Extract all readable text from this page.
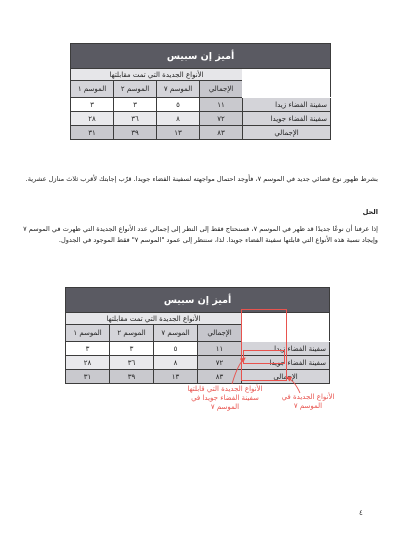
أميز إن سبيس				
	الأنواع الجديدة التي تمت مقابلتها			
	الإجمالي	الموسم ٧	الموسم ٢	الموسم ١
سفينة الفضاء زيدا	١١	٥	٣	٣
سفينة الفضاء جويدا	٧٢	٨	٣٦	٢٨
الإجمالي	٨٣	١٣	٣٩	٣١
بشرط ظهور نوع فضائي جديد في الموسم ٧، فأوجد احتمال مواجهته لسفينة الفضاء جويدا. قرّب إجابتك لأقرب ثلاث منازل عشرية.
الحل
إذا عرفنا أن نوعًا جديدًا قد ظهر في الموسم ٧، فسنحتاج فقط إلى النظر إلى إجمالي عدد الأنواع الجديدة التي ظهرت في الموسم ٧ وإيجاد نسبة هذه الأنواع التي قابلتها سفينة الفضاء جويدا. لذا، سننظر إلى عمود "الموسم ٧" فقط الموجود في الجدول.
أميز إن سبيس				
	الأنواع الجديدة التي تمت مقابلتها			
	الإجمالي	الموسم ٧	الموسم ٢	الموسم ١
سفينة الفضاء زيدا	١١	٥	٣	٣
سفينة الفضاء جويدا	٧٢	٨	٣٦	٢٨
الإجمالي	٨٣	١٣	٣٩	٣١
الأنواع الجديدة التي قابلتها سفينة الفضاء جويدا في الموسم ٧
الأنواع الجديدة في الموسم ٧
٤
